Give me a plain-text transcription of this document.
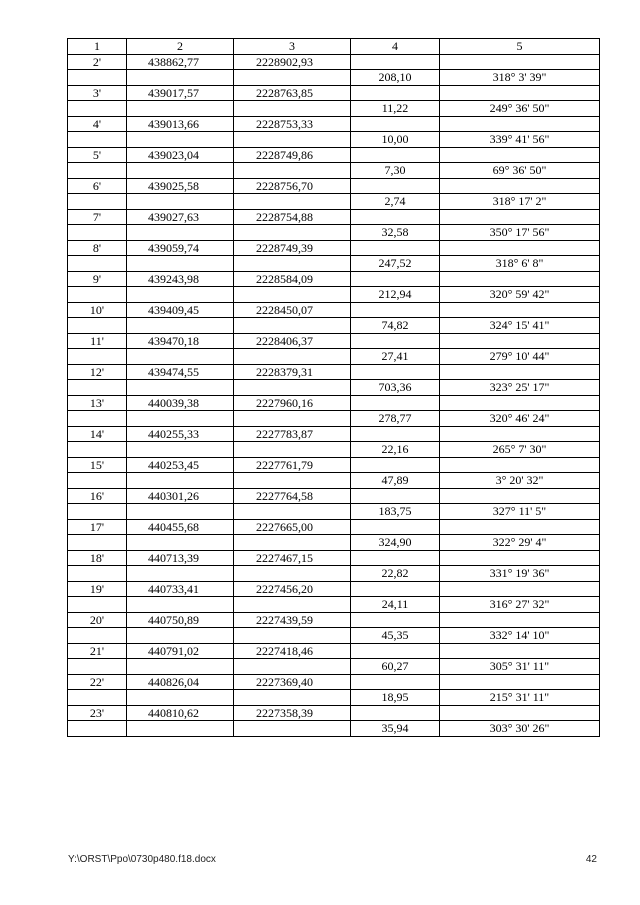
1	2	3	4	5
2'	438862,77	2228902,93		
			208,10	318° 3' 39"
3'	439017,57	2228763,85		
			11,22	249° 36' 50"
4'	439013,66	2228753,33		
			10,00	339° 41' 56"
5'	439023,04	2228749,86		
			7,30	69° 36' 50"
6'	439025,58	2228756,70		
			2,74	318° 17' 2"
7'	439027,63	2228754,88		
			32,58	350° 17' 56"
8'	439059,74	2228749,39		
			247,52	318° 6' 8"
9'	439243,98	2228584,09		
			212,94	320° 59' 42"
10'	439409,45	2228450,07		
			74,82	324° 15' 41"
11'	439470,18	2228406,37		
			27,41	279° 10' 44"
12'	439474,55	2228379,31		
			703,36	323° 25' 17"
13'	440039,38	2227960,16		
			278,77	320° 46' 24"
14'	440255,33	2227783,87		
			22,16	265° 7' 30"
15'	440253,45	2227761,79		
			47,89	3° 20' 32"
16'	440301,26	2227764,58		
			183,75	327° 11' 5"
17'	440455,68	2227665,00		
			324,90	322° 29' 4"
18'	440713,39	2227467,15		
			22,82	331° 19' 36"
19'	440733,41	2227456,20		
			24,11	316° 27' 32"
20'	440750,89	2227439,59		
			45,35	332° 14' 10"
21'	440791,02	2227418,46		
			60,27	305° 31' 11"
22'	440826,04	2227369,40		
			18,95	215° 31' 11"
23'	440810,62	2227358,39		
			35,94	303° 30' 26"
Y:\ORST\Ppo\0730p480.f18.docx	42
